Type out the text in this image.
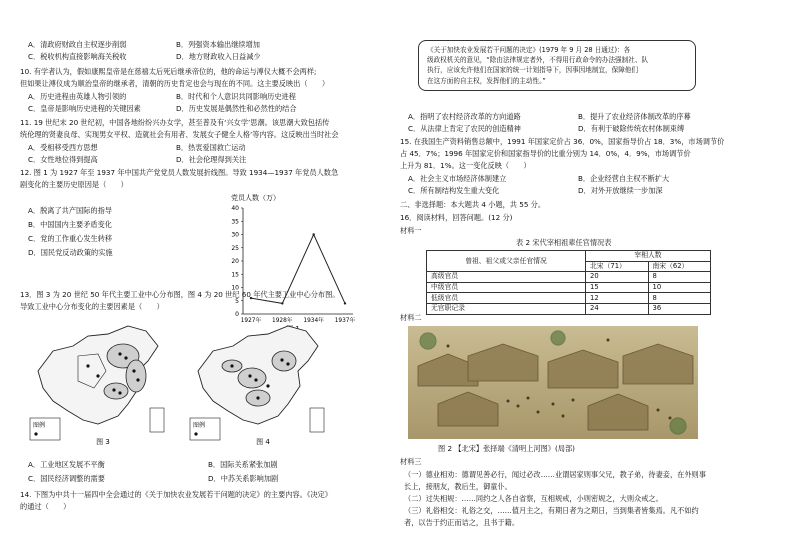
A．清政府财政自主权逐步削弱	B．列强资本输出继续增加
C．税收机构直接影响海关税收	D．地方财政收入日益减少
10. 有学者认为，假如康熙皇帝是在慈禧太后死后继承帝位的，他的命运与溥仪大概不会两样;
但如果让溥仪成为顺治皇帝的继承者，清朝的历史肯定也会与现在的不同。这主要反映出（　　）
A．历史进程由英雄人物引领的	B．时代和个人意识共同影响历史进程
C．皇帝是影响历史进程的关键因素	D．历史发展是偶然性和必然性的结合
11. 19 世纪末 20 世纪初，中国各地纷纷兴办女学，甚至普及有‘兴女学’思潮。该思潮大致包括传
统伦理的贤妻良母、实现男女平权、造就社会有用者、发展女子健全人格’等内容。这反映出当时社会
A．受相移受西方思想	B．热衷爱国救亡运动
C．女性地位得到提高	D．社会伦理得到关注
12. 图 1 为 1927 年至 1937 年中国共产党党员人数发展折线图。导致 1934—1937 年党员人数急
剧变化的主要历史原因是（　　）
A．脱离了共产国际的指导
B．中国国内主要矛盾变化
C．党的工作重心发生转移
D．国民党反动政策的实施
党员人数（万）
0
5
10
15
20
25
30
35
40
1927年 1928年 1934年 1937年
13．图 3 为 20 世纪 50 年代主要工业中心分布图，图 4 为 20 世纪 60 年代主要工业中心分布图。
导致工业中心分布变化的主要因素是（　　）
图例
图 3
图例
图 4
A．工业地区发展不平衡	B．国际关系紧张加剧
C．国民经济调整的需要	D．中苏关系影响加剧
14. 下图为中共十一届四中全会通过的《关于加快农业发展若干问题的决定》的主要内容。《决定》
的通过（　　）
《关于加快农业发展若干问题的决定》(1979 年 9 月 28 日通过)：各
级政权机关的意见，“除由法律规定者外，不得用行政命令的办法强制社、队
执行，应该允许他们在国家的统一计划指导下，因事因地制宜，保障他们
在这方面的自主权，发挥他们的主动性。”
A．指明了农村经济改革的方向道路	B．提升了农业经济体制改革的序幕
C．从法律上肯定了农民的创造精神	D．有利于破除传统农村体制束缚
15. 在我国生产资料销售总额中，1991 年国家定价占 36．0%，国家指导价占 18．3%，市场调节价
占 45．7%；1996 年国家定价和国家指导价的比重分别为 14．0%，4．9%，市场调节价
上升为 81．1%。这一变化反映（　　）
A．社会主义市场经济体制建立	B．企业经营自主权不断扩大
C．所有制结构发生重大变化	D．对外开放继续一步加深
二、非选择题：本大题共 4 小题，共 55 分。
16．阅读材料，回答问题。(12 分)
材料一
表 2 宋代宰相祖辈任官情况表
曾祖、祖父或父亲任官情况	宰相人数	
	北宋（71）	南宋（62）
高级官员	20	8
中级官员	15	10
低级官员	12	8
无官职记录	24	36
材料二
图 2 【北宋】张择端《清明上河图》(局部)
材料三
（一）德业相劝：德谓见善必行，闻过必改……业谓居家则事父兄，教子弟，待妻妾，在外则事
长上，接朋友，教后生，御童仆。
（二）过失相规：……同约之人各自省察，互相规戒，小则密规之，大则众戒之。
（三）礼俗相交：礼俗之交，……值月主之，有期日者为之期日，当到集者皆集焉。凡不如约
者，以告于约正而诘之，且书于籍。
